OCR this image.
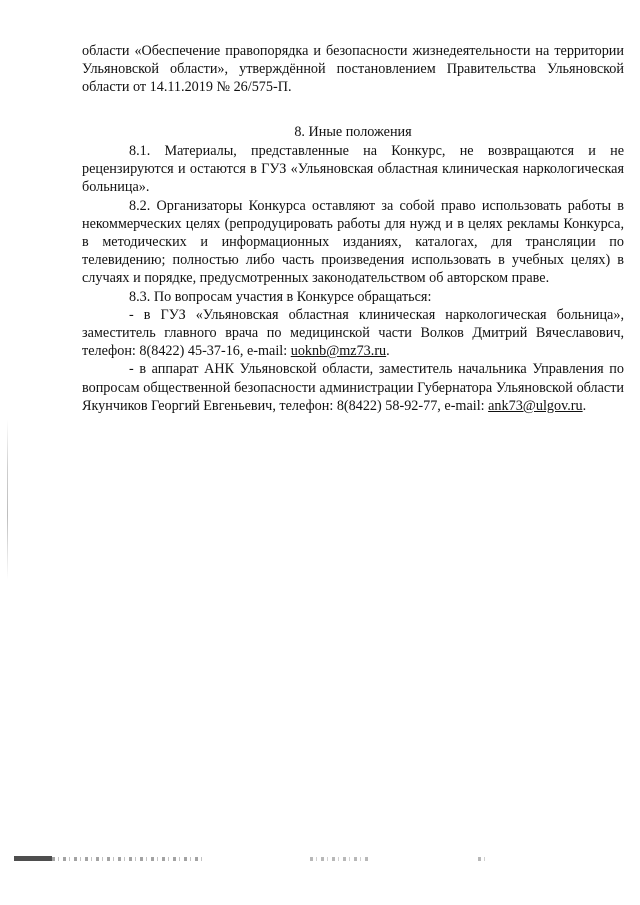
области «Обеспечение правопорядка и безопасности жизнедеятельности на территории Ульяновской области», утверждённой постановлением Правительства Ульяновской области от 14.11.2019 № 26/575-П.

8. Иные положения

8.1. Материалы, представленные на Конкурс, не возвращаются и не рецензируются и остаются в ГУЗ «Ульяновская областная клиническая наркологическая больница».

8.2. Организаторы Конкурса оставляют за собой право использовать работы в некоммерческих целях (репродуцировать работы для нужд и в целях рекламы Конкурса, в методических и информационных изданиях, каталогах, для трансляции по телевидению; полностью либо часть произведения использовать в учебных целях) в случаях и порядке, предусмотренных законодательством об авторском праве.

8.3. По вопросам участия в Конкурсе обращаться:

- в ГУЗ «Ульяновская областная клиническая наркологическая больница», заместитель главного врача по медицинской части Волков Дмитрий Вячеславович, телефон: 8(8422) 45-37-16, e-mail: uoknb@mz73.ru.

- в аппарат АНК Ульяновской области, заместитель начальника Управления по вопросам общественной безопасности администрации Губернатора Ульяновской области Якунчиков Георгий Евгеньевич, телефон: 8(8422) 58-92-77, e-mail: ank73@ulgov.ru.
